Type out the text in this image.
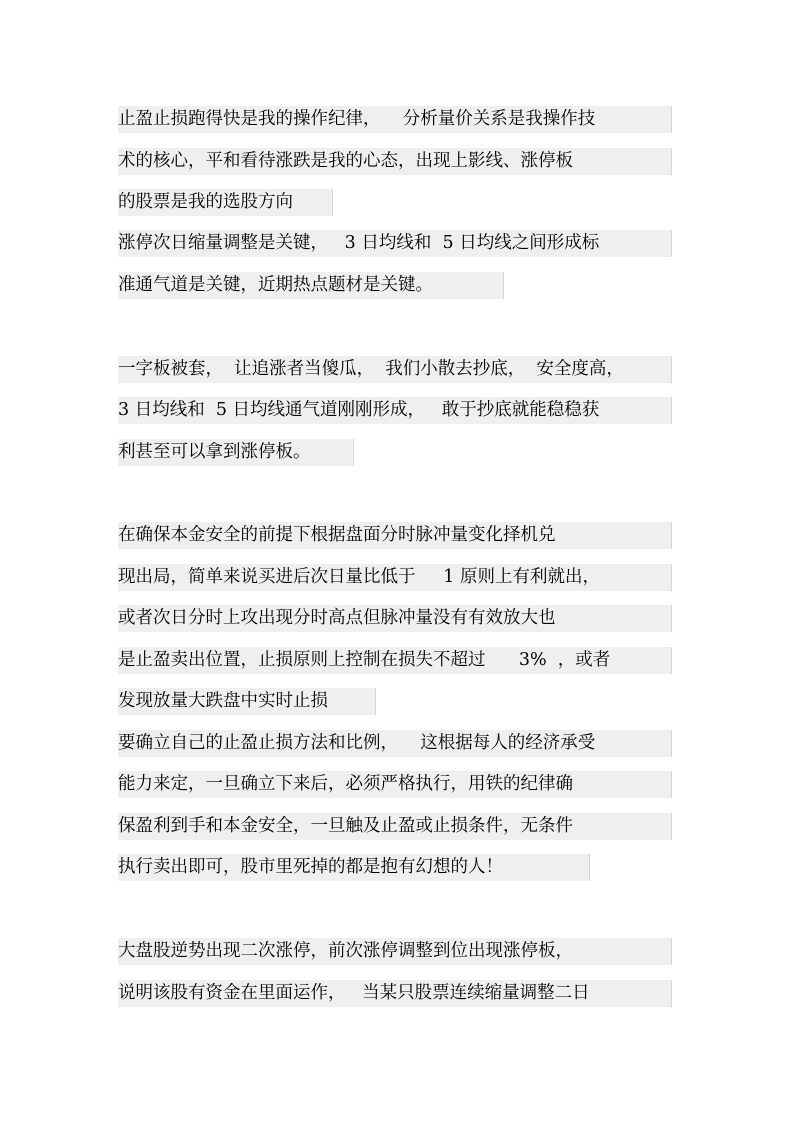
止盈止损跑得快是我的操作纪律，    分析量价关系是我操作技
术的核心，平和看待涨跌是我的心态，出现上影线、涨停板
的股票是我的选股方向
涨停次日缩量调整是关键，   3 日均线和  5 日均线之间形成标
准通气道是关键，近期热点题材是关键。
一字板被套，  让追涨者当傻瓜，  我们小散去抄底，  安全度高，
3 日均线和  5 日均线通气道刚刚形成，   敢于抄底就能稳稳获
利甚至可以拿到涨停板。
在确保本金安全的前提下根据盘面分时脉冲量变化择机兑
现出局，简单来说买进后次日量比低于     1 原则上有利就出，
或者次日分时上攻出现分时高点但脉冲量没有有效放大也
是止盈卖出位置，止损原则上控制在损失不超过      3%  ，或者
发现放量大跌盘中实时止损
要确立自己的止盈止损方法和比例，    这根据每人的经济承受
能力来定，一旦确立下来后，必须严格执行，用铁的纪律确
保盈利到手和本金安全，一旦触及止盈或止损条件，无条件
执行卖出即可，股市里死掉的都是抱有幻想的人！
大盘股逆势出现二次涨停，前次涨停调整到位出现涨停板，
说明该股有资金在里面运作，   当某只股票连续缩量调整二日
